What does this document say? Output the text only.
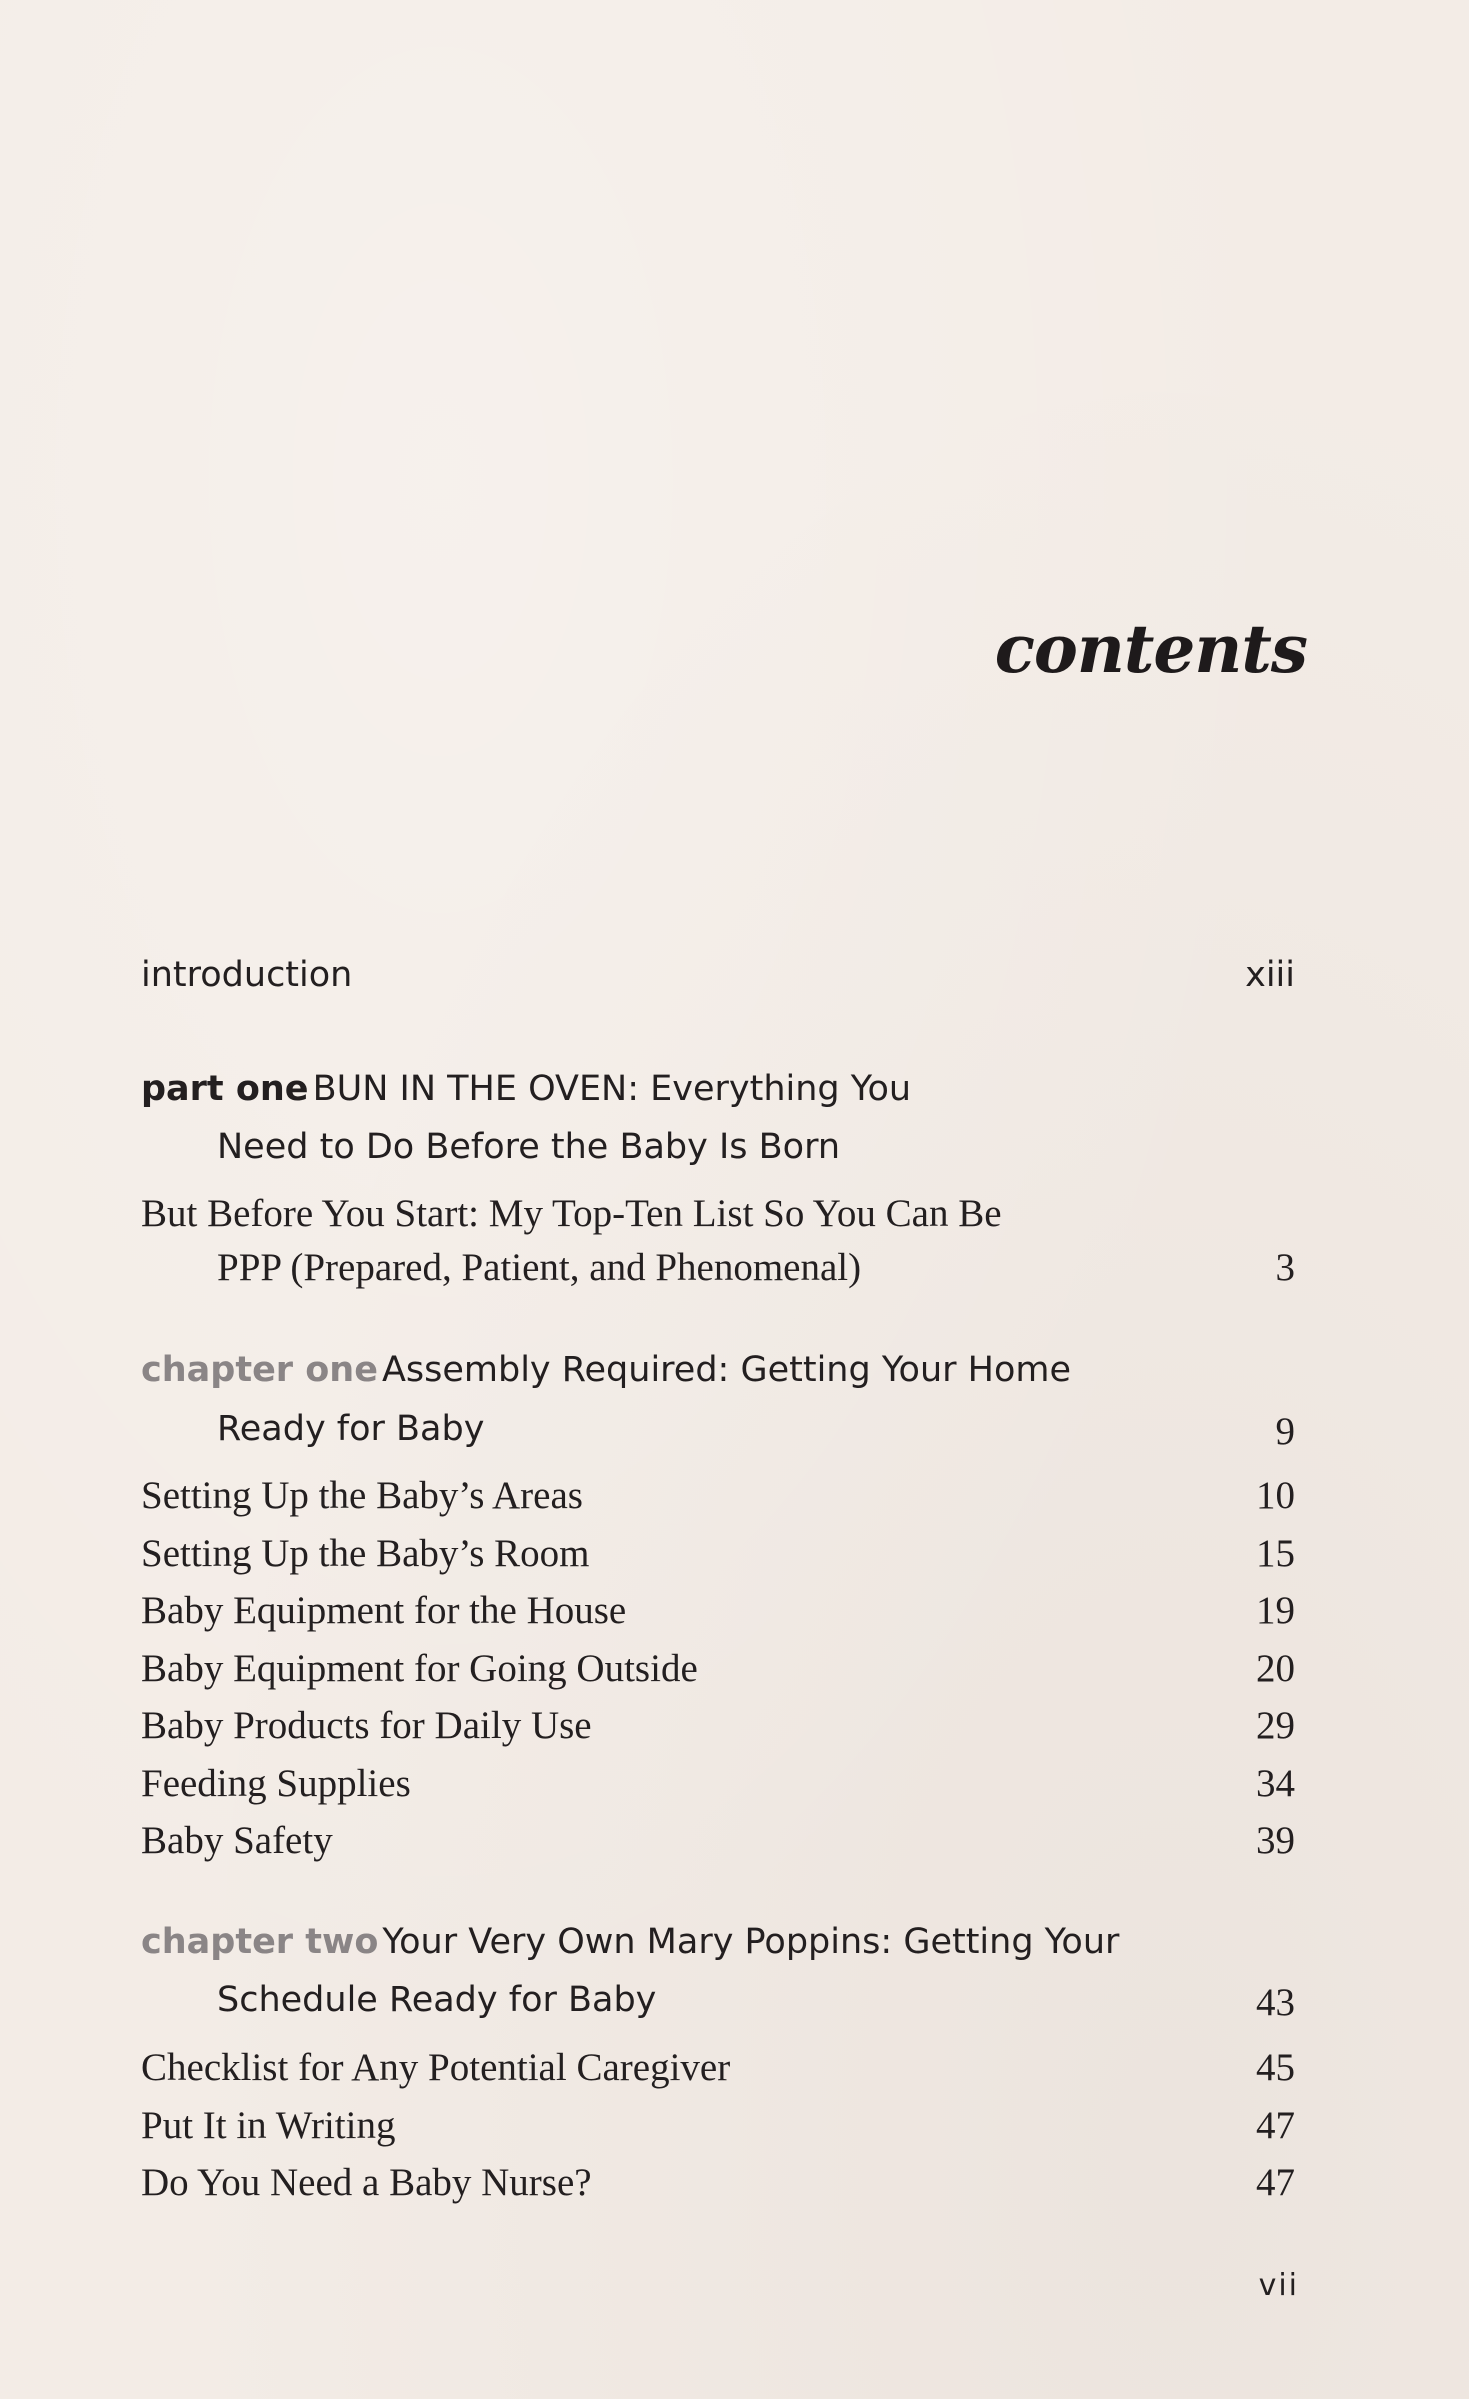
contents
introduction	xiii
part one BUN IN THE OVEN: Everything You
Need to Do Before the Baby Is Born
But Before You Start: My Top-Ten List So You Can Be
PPP (Prepared, Patient, and Phenomenal)	3
chapter one Assembly Required: Getting Your Home
Ready for Baby	9
Setting Up the Baby’s Areas	10
Setting Up the Baby’s Room	15
Baby Equipment for the House	19
Baby Equipment for Going Outside	20
Baby Products for Daily Use	29
Feeding Supplies	34
Baby Safety	39
chapter two Your Very Own Mary Poppins: Getting Your
Schedule Ready for Baby	43
Checklist for Any Potential Caregiver	45
Put It in Writing	47
Do You Need a Baby Nurse?	47
vii
